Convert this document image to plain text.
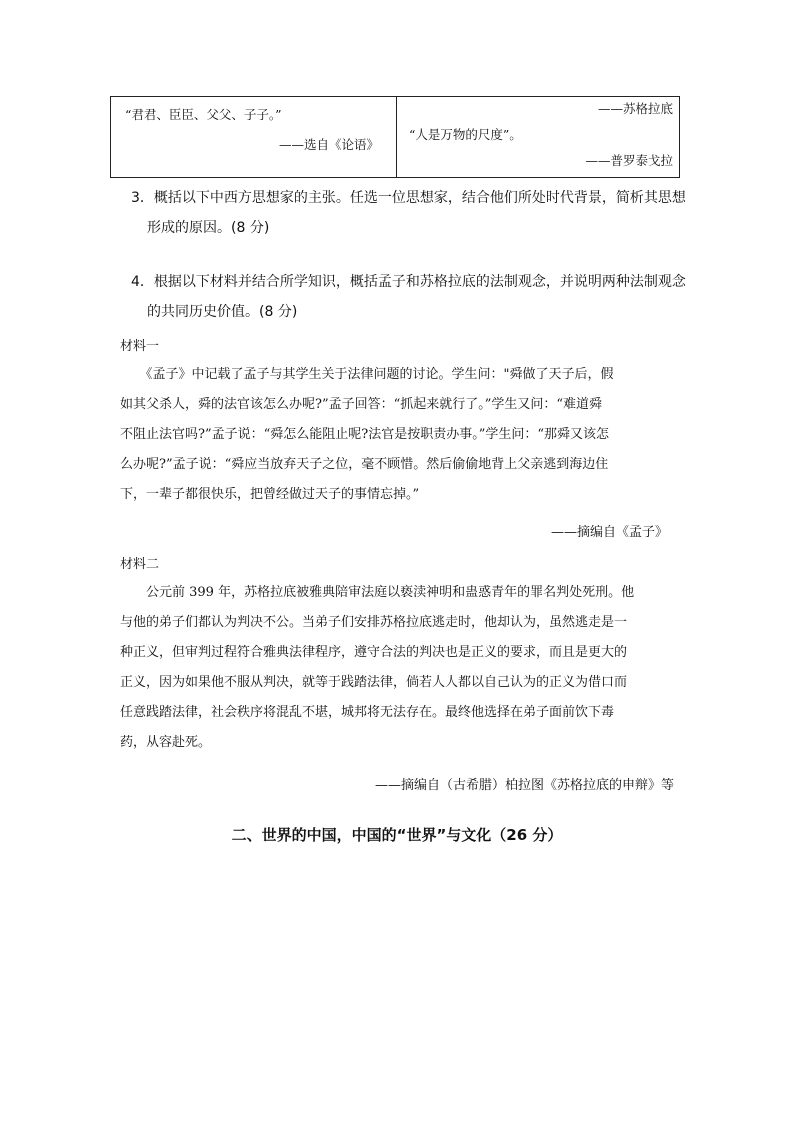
“君君、臣臣、父父、子子。”
——选自《论语》
——苏格拉底
“人是万物的尺度”。
——普罗泰戈拉
3．概括以下中西方思想家的主张。任选一位思想家，结合他们所处时代背景，简析其思想
形成的原因。(8 分)
4．根据以下材料并结合所学知识，概括孟子和苏格拉底的法制观念，并说明两种法制观念
的共同历史价值。(8 分)
材料一
　　《孟子》中记载了孟子与其学生关于法律问题的讨论。学生问："舜做了天子后，假
如其父杀人，舜的法官该怎么办呢?”孟子回答：“抓起来就行了。”学生又问：“难道舜
不阻止法官吗?”孟子说：“舜怎么能阻止呢?法官是按职责办事。”学生问：“那舜又该怎
么办呢?”孟子说：“舜应当放弃天子之位，毫不顾惜。然后偷偷地背上父亲逃到海边住
下，一辈子都很快乐，把曾经做过天子的事情忘掉。”
——摘编自《孟子》
材料二
　　公元前 399 年，苏格拉底被雅典陪审法庭以亵渎神明和蛊惑青年的罪名判处死刑。他
与他的弟子们都认为判决不公。当弟子们安排苏格拉底逃走时，他却认为，虽然逃走是一
种正义，但审判过程符合雅典法律程序，遵守合法的判决也是正义的要求，而且是更大的
正义，因为如果他不服从判决，就等于践踏法律，倘若人人都以自己认为的正义为借口而
任意践踏法律，社会秩序将混乱不堪，城邦将无法存在。最终他选择在弟子面前饮下毒
药，从容赴死。
——摘编自（古希腊）柏拉图《苏格拉底的申辩》等
二、世界的中国，中国的“世界”与文化（26 分）
